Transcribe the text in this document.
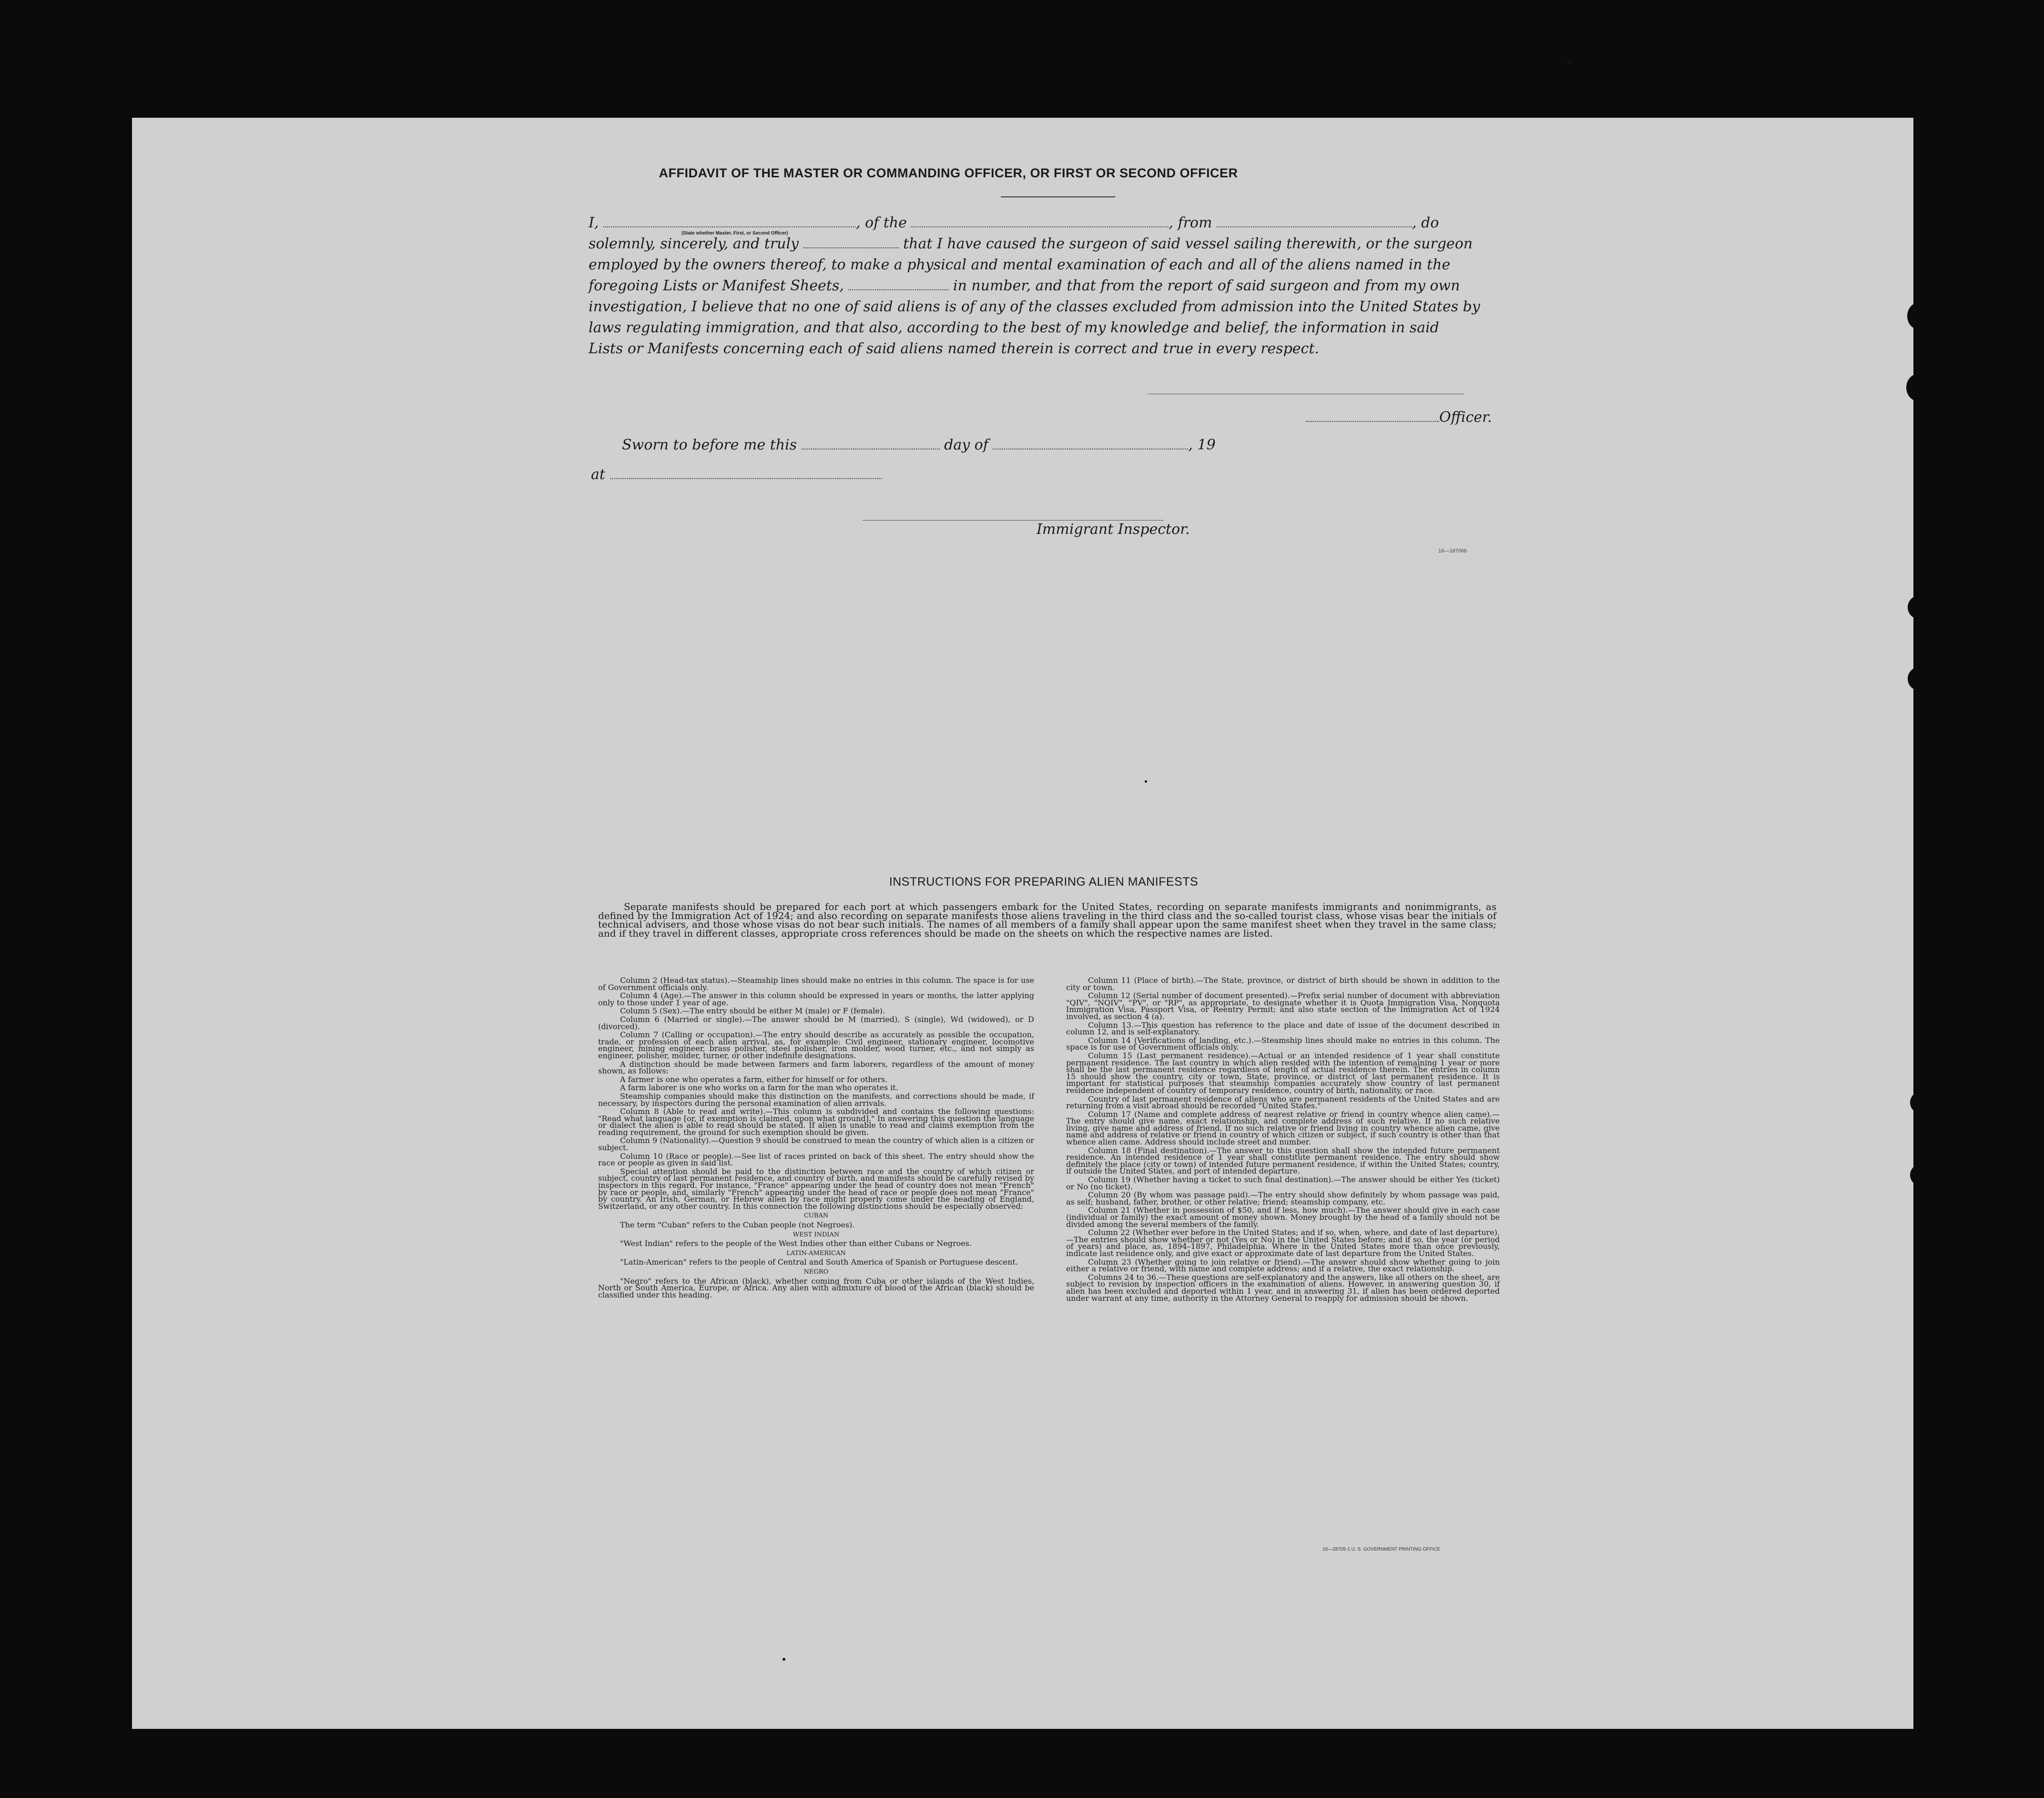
AFFIDAVIT OF THE MASTER OR COMMANDING OFFICER, OR FIRST OR SECOND OFFICER
I,	, of the	, from	, do
(State whether Master, First, or Second Officer)
solemnly, sincerely, and truly	that I have caused the surgeon of said vessel sailing therewith, or the surgeon
employed by the owners thereof, to make a physical and mental examination of each and all of the aliens named in the
foregoing Lists or Manifest Sheets,	in number, and that from the report of said surgeon and from my own
investigation, I believe that no one of said aliens is of any of the classes excluded from admission into the United States by
laws regulating immigration, and that also, according to the best of my knowledge and belief, the information in said
Lists or Manifests concerning each of said aliens named therein is correct and true in every respect.
Officer.
Sworn to before me this	day of	, 19
at
Immigrant Inspector.
16—18706b
INSTRUCTIONS FOR PREPARING ALIEN MANIFESTS
Separate manifests should be prepared for each port at which passengers embark for the United States, recording on separate manifests immigrants and nonimmigrants, as defined by the Immigration Act of 1924; and also recording on separate manifests those aliens traveling in the third class and the so-called tourist class, whose visas bear the initials of technical advisers, and those whose visas do not bear such initials. The names of all members of a family shall appear upon the same manifest sheet when they travel in the same class; and if they travel in different classes, appropriate cross references should be made on the sheets on which the respective names are listed.

Column 2 (Head-tax status).—Steamship lines should make no entries in this column. The space is for use of Government officials only.

Column 4 (Age).—The answer in this column should be expressed in years or months, the latter applying only to those under 1 year of age.

Column 5 (Sex).—The entry should be either M (male) or F (female).

Column 6 (Married or single).—The answer should be M (married), S (single), Wd (widowed), or D (divorced).

Column 7 (Calling or occupation).—The entry should describe as accurately as possible the occupation, trade, or profession of each alien arrival, as, for example: Civil engineer, stationary engineer, locomotive engineer, mining engineer, brass polisher, steel polisher, iron molder, wood turner, etc., and not simply as engineer, polisher, molder, turner, or other indefinite designations.

A distinction should be made between farmers and farm laborers, regardless of the amount of money shown, as follows:

A farmer is one who operates a farm, either for himself or for others.

A farm laborer is one who works on a farm for the man who operates it.

Steamship companies should make this distinction on the manifests, and corrections should be made, if necessary, by inspectors during the personal examination of alien arrivals.

Column 8 (Able to read and write).—This column is subdivided and contains the following questions: "Read what language [or, if exemption is claimed, upon what ground]." In answering this question the language or dialect the alien is able to read should be stated. If alien is unable to read and claims exemption from the reading requirement, the ground for such exemption should be given.

Column 9 (Nationality).—Question 9 should be construed to mean the country of which alien is a citizen or subject.

Column 10 (Race or people).—See list of races printed on back of this sheet. The entry should show the race or people as given in said list.

Special attention should be paid to the distinction between race and the country of which citizen or subject, country of last permanent residence, and country of birth, and manifests should be carefully revised by inspectors in this regard. For instance, "France" appearing under the head of country does not mean "French" by race or people, and, similarly "French" appearing under the head of race or people does not mean "France" by country. An Irish, German, or Hebrew alien by race might properly come under the heading of England, Switzerland, or any other country. In this connection the following distinctions should be especially observed:

CUBAN

The term "Cuban" refers to the Cuban people (not Negroes).

WEST INDIAN

"West Indian" refers to the people of the West Indies other than either Cubans or Negroes.

LATIN-AMERICAN

"Latin-American" refers to the people of Central and South America of Spanish or Portuguese descent.

NEGRO

"Negro" refers to the African (black), whether coming from Cuba or other islands of the West Indies, North or South America, Europe, or Africa. Any alien with admixture of blood of the African (black) should be classified under this heading.

Column 11 (Place of birth).—The State, province, or district of birth should be shown in addition to the city or town.

Column 12 (Serial number of document presented).—Prefix serial number of document with abbreviation "QIV", "NQIV", "PV", or "RP", as appropriate, to designate whether it is Quota Immigration Visa, Nonquota Immigration Visa, Passport Visa, or Reentry Permit; and also state section of the Immigration Act of 1924 involved, as section 4 (a).

Column 13.—This question has reference to the place and date of issue of the document described in column 12, and is self-explanatory.

Column 14 (Verifications of landing, etc.).—Steamship lines should make no entries in this column. The space is for use of Government officials only.

Column 15 (Last permanent residence).—Actual or an intended residence of 1 year shall constitute permanent residence. The last country in which alien resided with the intention of remaining 1 year or more shall be the last permanent residence regardless of length of actual residence therein. The entries in column 15 should show the country, city or town, State, province, or district of last permanent residence. It is important for statistical purposes that steamship companies accurately show country of last permanent residence independent of country of temporary residence, country of birth, nationality, or race.

Country of last permanent residence of aliens who are permanent residents of the United States and are returning from a visit abroad should be recorded "United States."

Column 17 (Name and complete address of nearest relative or friend in country whence alien came).—The entry should give name, exact relationship, and complete address of such relative. If no such relative living, give name and address of friend. If no such relative or friend living in country whence alien came, give name and address of relative or friend in country of which citizen or subject, if such country is other than that whence alien came. Address should include street and number.

Column 18 (Final destination).—The answer to this question shall show the intended future permanent residence. An intended residence of 1 year shall constitute permanent residence. The entry should show definitely the place (city or town) of intended future permanent residence, if within the United States; country, if outside the United States, and port of intended departure.

Column 19 (Whether having a ticket to such final destination).—The answer should be either Yes (ticket) or No (no ticket).

Column 20 (By whom was passage paid).—The entry should show definitely by whom passage was paid, as self; husband, father, brother, or other relative; friend; steamship company, etc.

Column 21 (Whether in possession of $50, and if less, how much).—The answer should give in each case (individual or family) the exact amount of money shown. Money brought by the head of a family should not be divided among the several members of the family.

Column 22 (Whether ever before in the United States; and if so, when, where, and date of last departure).—The entries should show whether or not (Yes or No) in the United States before; and if so, the year (or period of years) and place, as, 1894–1897, Philadelphia. Where in the United States more than once previously, indicate last residence only, and give exact or approximate date of last departure from the United States.

Column 23 (Whether going to join relative or friend).—The answer should show whether going to join either a relative or friend, with name and complete address; and if a relative, the exact relationship.

Columns 24 to 36.—These questions are self-explanatory and the answers, like all others on the sheet, are subject to revision by inspection officers in the examination of aliens. However, in answering question 30, if alien has been excluded and deported within 1 year, and in answering 31, if alien has been ordered deported under warrant at any time, authority in the Attorney General to reapply for admission should be shown.

16—28705-1 U. S. GOVERNMENT PRINTING OFFICE
